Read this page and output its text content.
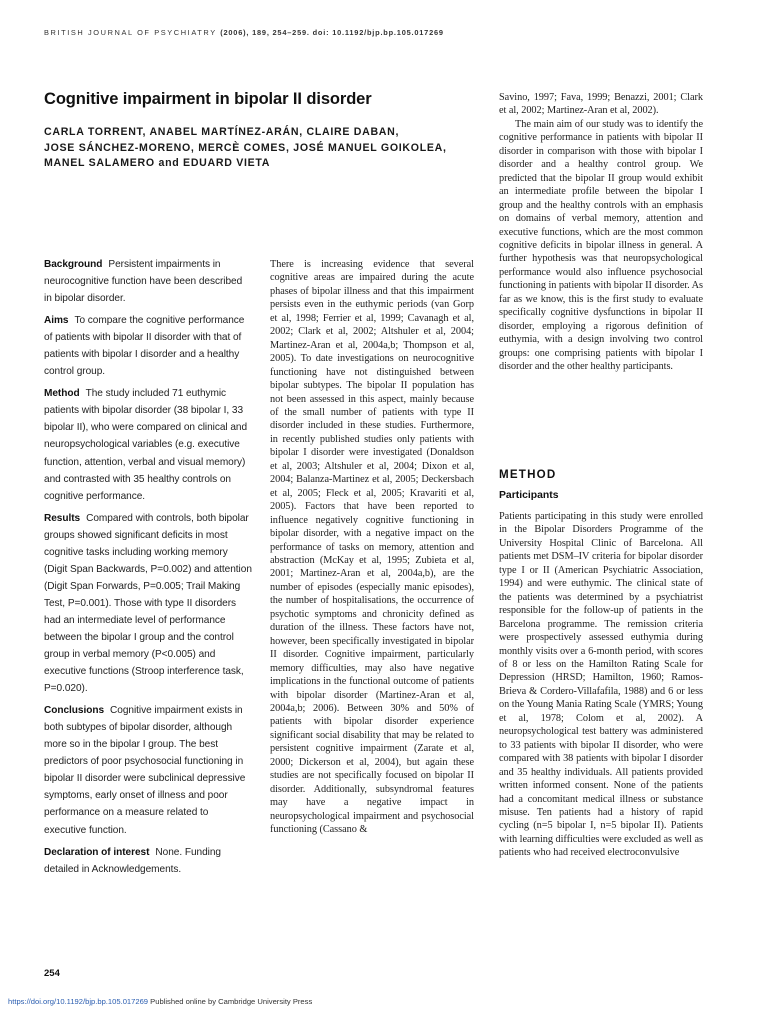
BRITISH JOURNAL OF PSYCHIATRY (2006), 189, 254–259. doi: 10.1192/bjp.bp.105.017269
Cognitive impairment in bipolar II disorder
CARLA TORRENT, ANABEL MARTÍNEZ-ARÁN, CLAIRE DABAN,
JOSE SÁNCHEZ-MORENO, MERCÈ COMES, JOSÉ MANUEL GOIKOLEA,
MANEL SALAMERO and EDUARD VIETA

Background Persistent impairments in neurocognitive function have been described in bipolar disorder.

Aims To compare the cognitive performance of patients with bipolar II disorder with that of patients with bipolar I disorder and a healthy control group.

Method The study included 71 euthymic patients with bipolar disorder (38 bipolar I, 33 bipolar II), who were compared on clinical and neuropsychological variables (e.g. executive function, attention, verbal and visual memory) and contrasted with 35 healthy controls on cognitive performance.

Results Compared with controls, both bipolar groups showed significant deficits in most cognitive tasks including working memory (Digit Span Backwards, P=0.002) and attention (Digit Span Forwards, P=0.005; Trail Making Test, P=0.001). Those with type II disorders had an intermediate level of performance between the bipolar I group and the control group in verbal memory (P<0.005) and executive functions (Stroop interference task, P=0.020).

Conclusions Cognitive impairment exists in both subtypes of bipolar disorder, although more so in the bipolar I group. The best predictors of poor psychosocial functioning in bipolar II disorder were subclinical depressive symptoms, early onset of illness and poor performance on a measure related to executive function.

Declaration of interest None. Funding detailed in Acknowledgements.

There is increasing evidence that several cognitive areas are impaired during the acute phases of bipolar illness and that this impairment persists even in the euthymic periods (van Gorp et al, 1998; Ferrier et al, 1999; Cavanagh et al, 2002; Clark et al, 2002; Altshuler et al, 2004; Martinez-Aran et al, 2004a,b; Thompson et al, 2005). To date investigations on neurocognitive functioning have not distinguished between bipolar subtypes. The bipolar II population has not been assessed in this aspect, mainly because of the small number of patients with type II disorder included in these studies. Furthermore, in recently published studies only patients with bipolar I disorder were investigated (Donaldson et al, 2003; Altshuler et al, 2004; Dixon et al, 2004; Balanza-Martinez et al, 2005; Deckersbach et al, 2005; Fleck et al, 2005; Kravariti et al, 2005). Factors that have been reported to influence negatively cognitive functioning in bipolar disorder, with a negative impact on the performance of tasks on memory, attention and abstraction (McKay et al, 1995; Zubieta et al, 2001; Martinez-Aran et al, 2004a,b), are the number of episodes (especially manic episodes), the number of hospitalisations, the occurrence of psychotic symptoms and chronicity defined as duration of the illness. These factors have not, however, been specifically investigated in bipolar II disorder. Cognitive impairment, particularly memory difficulties, may also have negative implications in the functional outcome of patients with bipolar disorder (Martinez-Aran et al, 2004a,b; 2006). Between 30% and 50% of patients with bipolar disorder experience significant social disability that may be related to persistent cognitive impairment (Zarate et al, 2000; Dickerson et al, 2004), but again these studies are not specifically focused on bipolar II disorder. Additionally, subsyndromal features may have a negative impact in neuropsychological impairment and psychosocial functioning (Cassano &

Savino, 1997; Fava, 1999; Benazzi, 2001; Clark et al, 2002; Martinez-Aran et al, 2002).

The main aim of our study was to identify the cognitive performance in patients with bipolar II disorder in comparison with those with bipolar I disorder and a healthy control group. We predicted that the bipolar II group would exhibit an intermediate profile between the bipolar I group and the healthy controls with an emphasis on domains of verbal memory, attention and executive functions, which are the most common cognitive deficits in bipolar illness in general. A further hypothesis was that neuropsychological performance would also influence psychosocial functioning in patients with bipolar II disorder. As far as we know, this is the first study to evaluate specifically cognitive dysfunctions in bipolar II disorder, employing a rigorous definition of euthymia, with a design involving two control groups: one comprising patients with bipolar I disorder and the other healthy participants.

METHOD
Participants

Patients participating in this study were enrolled in the Bipolar Disorders Programme of the University Hospital Clinic of Barcelona. All patients met DSM–IV criteria for bipolar disorder type I or II (American Psychiatric Association, 1994) and were euthymic. The clinical state of the patients was determined by a psychiatrist responsible for the follow-up of patients in the Barcelona programme. The remission criteria were prospectively assessed euthymia during monthly visits over a 6-month period, with scores of 8 or less on the Hamilton Rating Scale for Depression (HRSD; Hamilton, 1960; Ramos-Brieva & Cordero-Villafafila, 1988) and 6 or less on the Young Mania Rating Scale (YMRS; Young et al, 1978; Colom et al, 2002). A neuropsychological test battery was administered to 33 patients with bipolar II disorder, who were compared with 38 patients with bipolar I disorder and 35 healthy individuals. All patients provided written informed consent. None of the patients had a concomitant medical illness or substance misuse. Ten patients had a history of rapid cycling (n=5 bipolar I, n=5 bipolar II). Patients with learning difficulties were excluded as well as patients who had received electroconvulsive

254
https://doi.org/10.1192/bjp.bp.105.017269 Published online by Cambridge University Press
